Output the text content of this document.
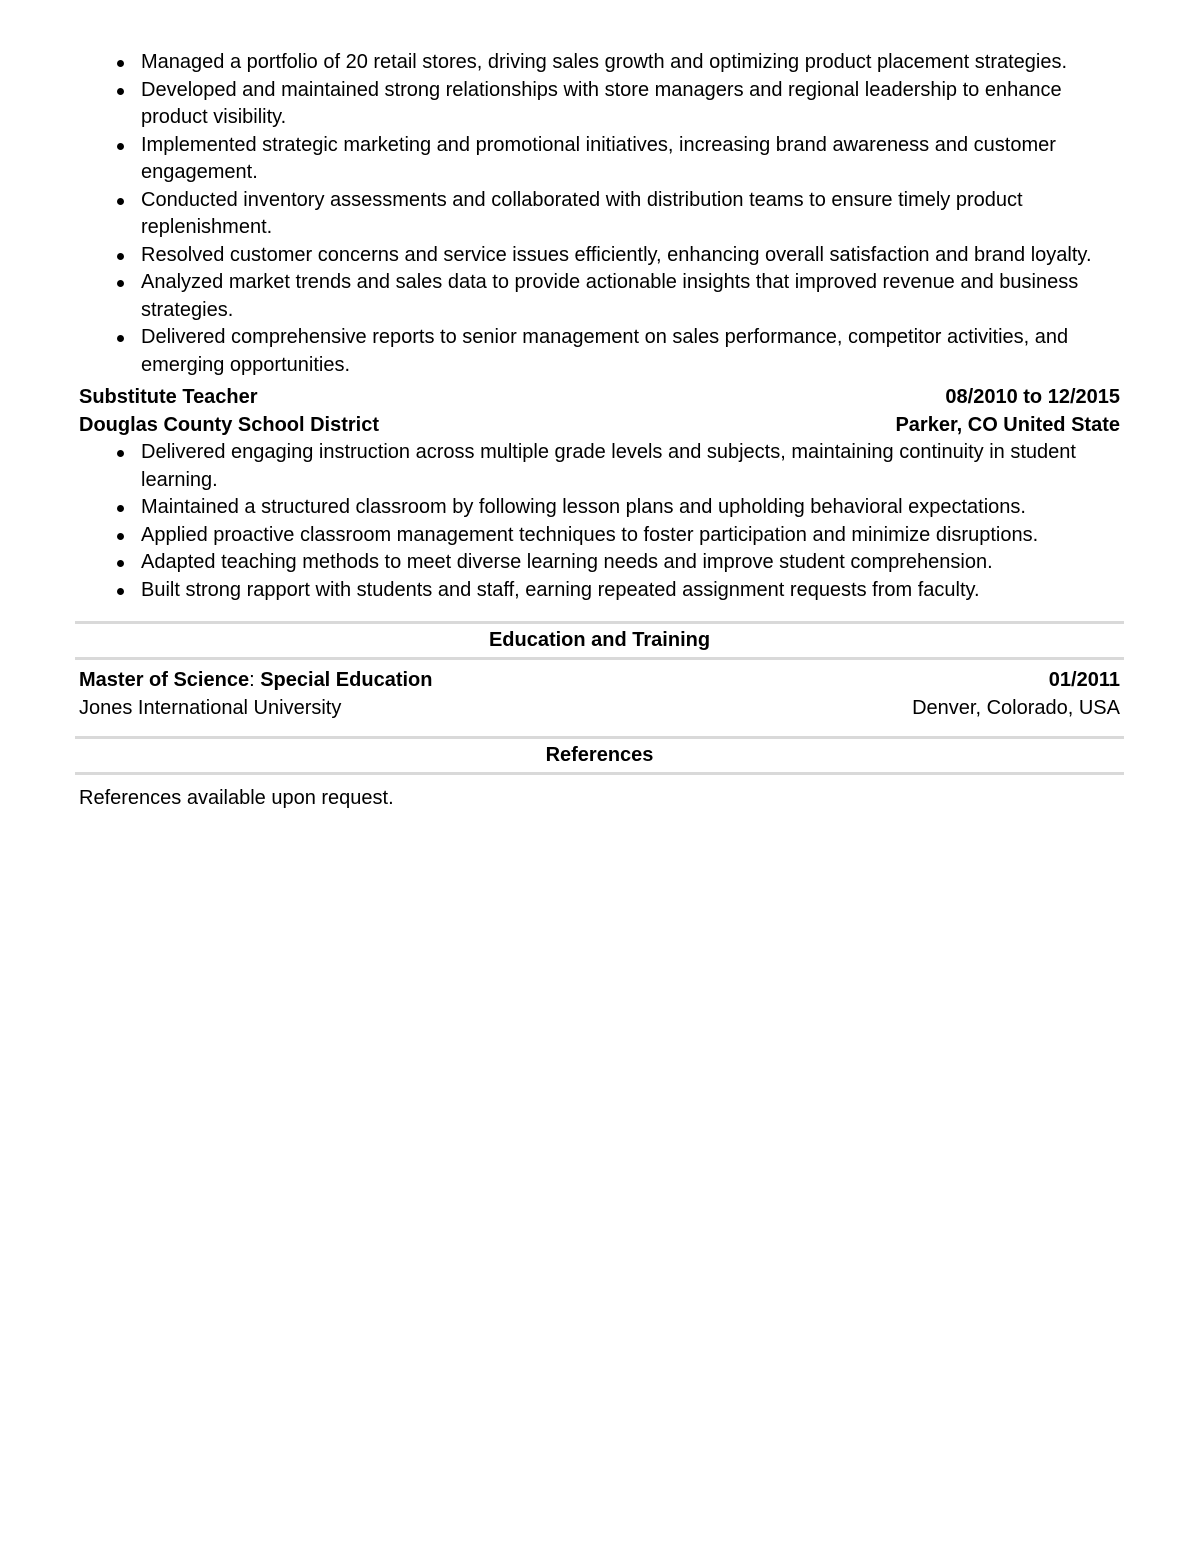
Managed a portfolio of 20 retail stores, driving sales growth and optimizing product placement strategies.
Developed and maintained strong relationships with store managers and regional leadership to enhance product visibility.
Implemented strategic marketing and promotional initiatives, increasing brand awareness and customer engagement.
Conducted inventory assessments and collaborated with distribution teams to ensure timely product replenishment.
Resolved customer concerns and service issues efficiently, enhancing overall satisfaction and brand loyalty.
Analyzed market trends and sales data to provide actionable insights that improved revenue and business strategies.
Delivered comprehensive reports to senior management on sales performance, competitor activities, and emerging opportunities.
Substitute Teacher	08/2010 to 12/2015
Douglas County School District	Parker, CO United State
Delivered engaging instruction across multiple grade levels and subjects, maintaining continuity in student learning.
Maintained a structured classroom by following lesson plans and upholding behavioral expectations.
Applied proactive classroom management techniques to foster participation and minimize disruptions.
Adapted teaching methods to meet diverse learning needs and improve student comprehension.
Built strong rapport with students and staff, earning repeated assignment requests from faculty.
Education and Training
Master of Science: Special Education	01/2011
Jones International University	Denver, Colorado, USA
References
References available upon request.
